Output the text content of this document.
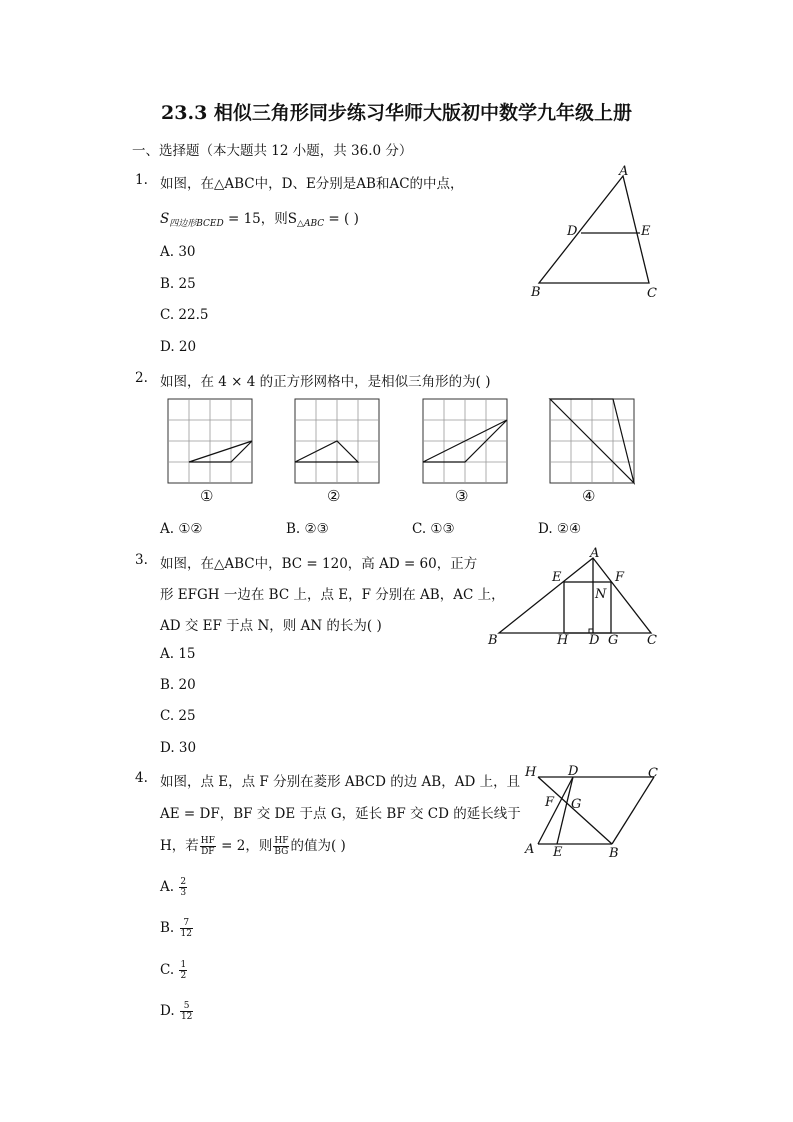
23.3 相似三角形同步练习华师大版初中数学九年级上册
一、选择题（本大题共 12 小题，共 36.0 分）
1. 如图，在△ABC中，D、E分别是AB和AC的中点，
$S_{四边形BCED} = 15$，则$S_{\triangle ABC}$ = ( )
A. 30
B. 25
C. 22.5
D. 20
A
D	E
B	C
2. 如图，在 4 × 4 的正方形网格中，是相似三角形的为( )
①	②	③	④
A. ①②	B. ②③	C. ①③	D. ②④
3. 如图，在△ABC中，BC = 120，高 AD = 60，正方
形 EFGH 一边在 BC 上，点 E，F 分别在 AB，AC 上，
AD 交 EF 于点 N，则 AN 的长为( )
A. 15
B. 20
C. 25
D. 30
A
E	F
N
B	H D G C
4. 如图，点 E，点 F 分别在菱形 ABCD 的边 AB，AD 上，且
AE = DF，BF 交 DE 于点 G，延长 BF 交 CD 的延长线于
H，若 $\frac{HF}{DF} = 2$，则 $\frac{HF}{BG}$ 的值为( )
A. $\frac{2}{3}$
B. $\frac{7}{12}$
C. $\frac{1}{2}$
D. $\frac{5}{12}$
H D	C
F G
A E	B
